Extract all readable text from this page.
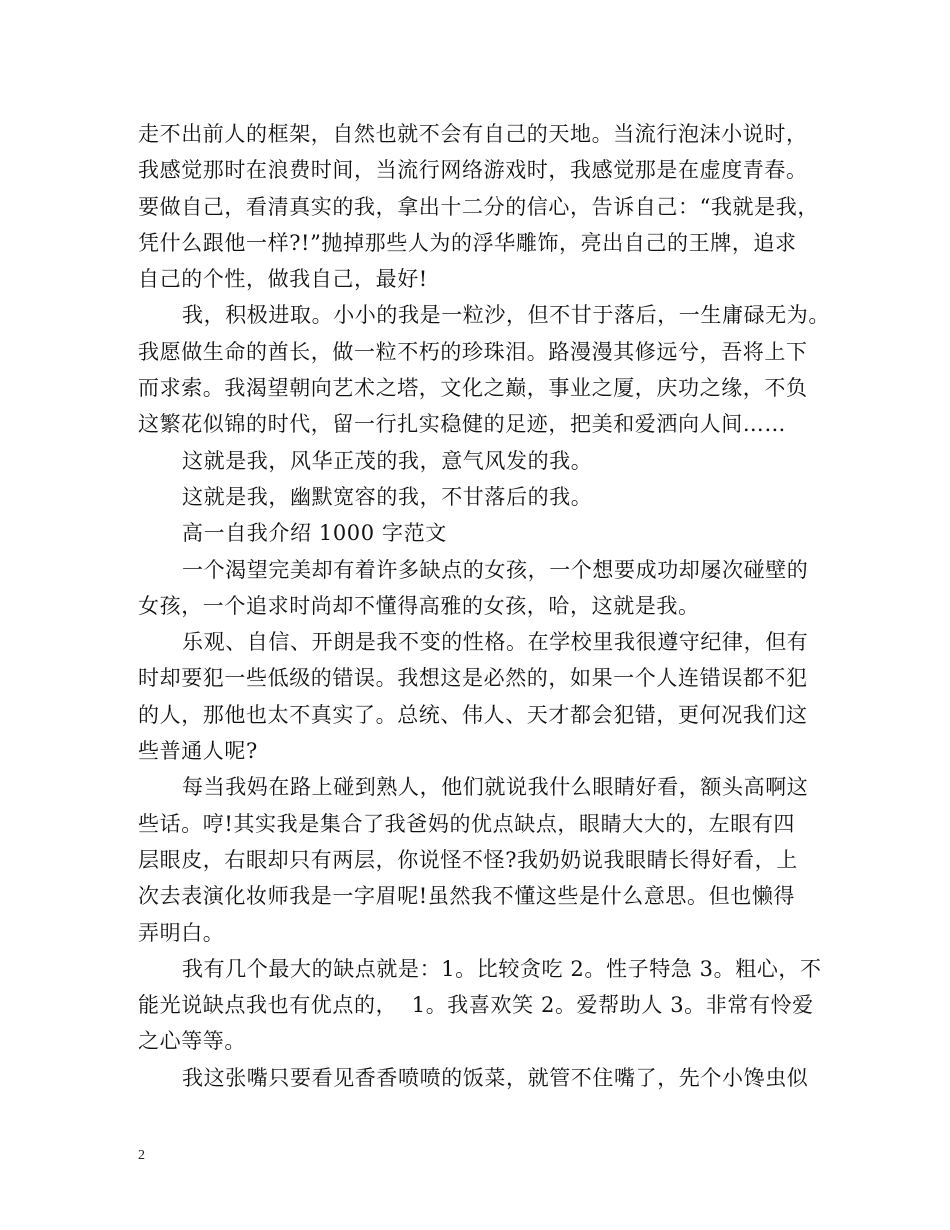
走不出前人的框架，自然也就不会有自己的天地。当流行泡沫小说时，
我感觉那时在浪费时间，当流行网络游戏时，我感觉那是在虚度青春。
要做自己，看清真实的我，拿出十二分的信心，告诉自己：“我就是我，
凭什么跟他一样?!”抛掉那些人为的浮华雕饰，亮出自己的王牌，追求
自己的个性，做我自己，最好!
我，积极进取。小小的我是一粒沙，但不甘于落后，一生庸碌无为。
我愿做生命的酋长，做一粒不朽的珍珠泪。路漫漫其修远兮，吾将上下
而求索。我渴望朝向艺术之塔，文化之巅，事业之厦，庆功之缘，不负
这繁花似锦的时代，留一行扎实稳健的足迹，把美和爱洒向人间……
这就是我，风华正茂的我，意气风发的我。
这就是我，幽默宽容的我，不甘落后的我。
高一自我介绍 1000 字范文
一个渴望完美却有着许多缺点的女孩，一个想要成功却屡次碰壁的
女孩，一个追求时尚却不懂得高雅的女孩，哈，这就是我。
乐观、自信、开朗是我不变的性格。在学校里我很遵守纪律，但有
时却要犯一些低级的错误。我想这是必然的，如果一个人连错误都不犯
的人，那他也太不真实了。总统、伟人、天才都会犯错，更何况我们这
些普通人呢?
每当我妈在路上碰到熟人，他们就说我什么眼睛好看，额头高啊这
些话。哼!其实我是集合了我爸妈的优点缺点，眼睛大大的，左眼有四
层眼皮，右眼却只有两层，你说怪不怪?我奶奶说我眼睛长得好看，上
次去表演化妆师我是一字眉呢!虽然我不懂这些是什么意思。但也懒得
弄明白。
我有几个最大的缺点就是：1。比较贪吃 2。性子特急 3。粗心，不
能光说缺点我也有优点的，  1。我喜欢笑 2。爱帮助人 3。非常有怜爱
之心等等。
我这张嘴只要看见香香喷喷的饭菜，就管不住嘴了，先个小馋虫似
2
